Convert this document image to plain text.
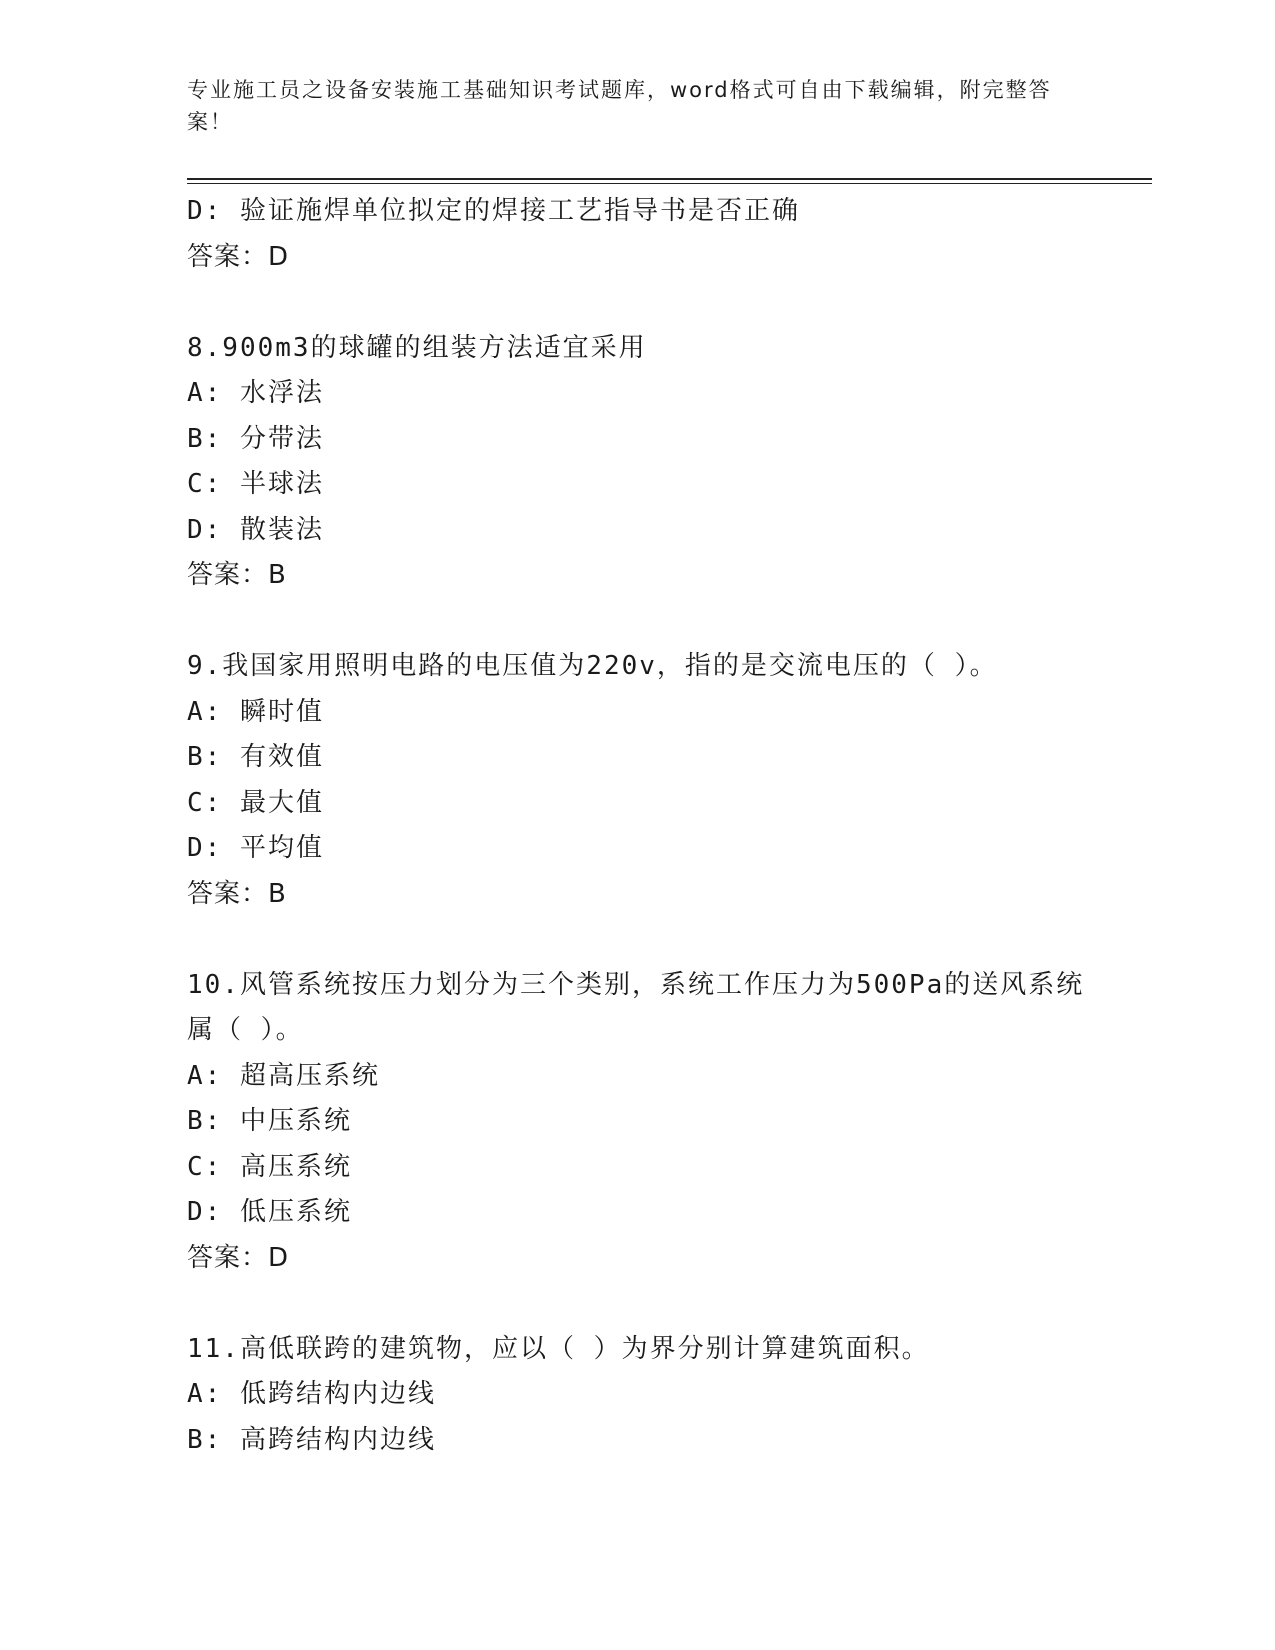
专业施工员之设备安装施工基础知识考试题库，word格式可自由下载编辑，附完整答案！
D: 验证施焊单位拟定的焊接工艺指导书是否正确
答案：D
8.900m3的球罐的组装方法适宜采用
A: 水浮法
B: 分带法
C: 半球法
D: 散装法
答案：B
9.我国家用照明电路的电压值为220v，指的是交流电压的（ ）。
A: 瞬时值
B: 有效值
C: 最大值
D: 平均值
答案：B
10.风管系统按压力划分为三个类别，系统工作压力为500Pa的送风系统属（ ）。
A: 超高压系统
B: 中压系统
C: 高压系统
D: 低压系统
答案：D
11.高低联跨的建筑物，应以（ ）为界分别计算建筑面积。
A: 低跨结构内边线
B: 高跨结构内边线
